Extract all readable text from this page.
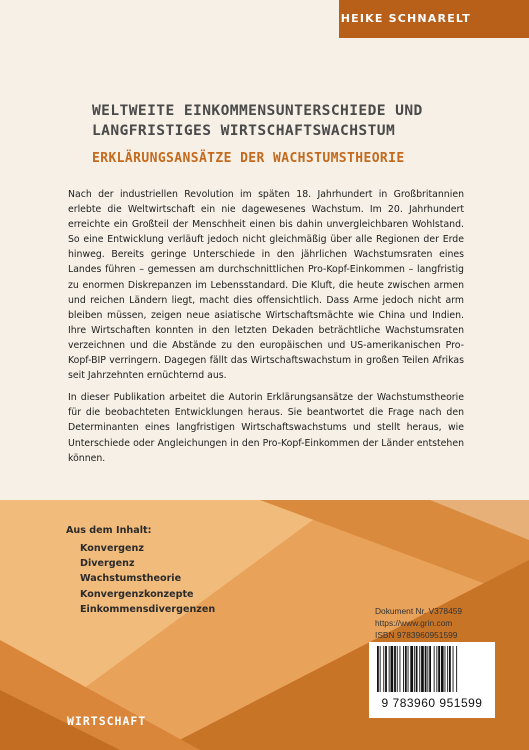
HEIKE SCHNARELT
WELTWEITE EINKOMMENSUNTERSCHIEDE UND
LANGFRISTIGES WIRTSCHAFTSWACHSTUM
ERKLÄRUNGSANSÄTZE DER WACHSTUMSTHEORIE

Nach der industriellen Revolution im späten 18. Jahrhundert in Großbritannien erlebte die Weltwirtschaft ein nie dagewesenes Wachstum. Im 20. Jahrhundert erreichte ein Großteil der Menschheit einen bis dahin unvergleichbaren Wohlstand. So eine Entwicklung verläuft jedoch nicht gleichmäßig über alle Regionen der Erde hinweg. Bereits geringe Unterschiede in den jährlichen Wachstumsraten eines Landes führen – gemessen am durchschnittlichen Pro-Kopf-Einkommen – langfristig zu enormen Diskrepanzen im Lebensstandard. Die Kluft, die heute zwischen armen und reichen Ländern liegt, macht dies offensichtlich. Dass Arme jedoch nicht arm bleiben müssen, zeigen neue asiatische Wirtschaftsmächte wie China und Indien. Ihre Wirtschaften konnten in den letzten Dekaden beträchtliche Wachstumsraten verzeichnen und die Abstände zu den europäischen und US-amerikanischen Pro-Kopf-BIP verringern. Dagegen fällt das Wirtschaftswachstum in großen Teilen Afrikas seit Jahrzehnten ernüchternd aus.

In dieser Publikation arbeitet die Autorin Erklärungsansätze der Wachstumstheorie für die beobachteten Entwicklungen heraus. Sie beantwortet die Frage nach den Determinanten eines langfristigen Wirtschaftswachstums und stellt heraus, wie Unterschiede oder Angleichungen in den Pro-Kopf-Einkommen der Länder entstehen können.

Aus dem Inhalt:
Konvergenz
Divergenz
Wachstumstheorie
Konvergenzkonzepte
Einkommensdivergenzen	Dokument Nr. V378459
https://www.grin.com
ISBN 9783960951599
9 783960 951599
WIRTSCHAFT
